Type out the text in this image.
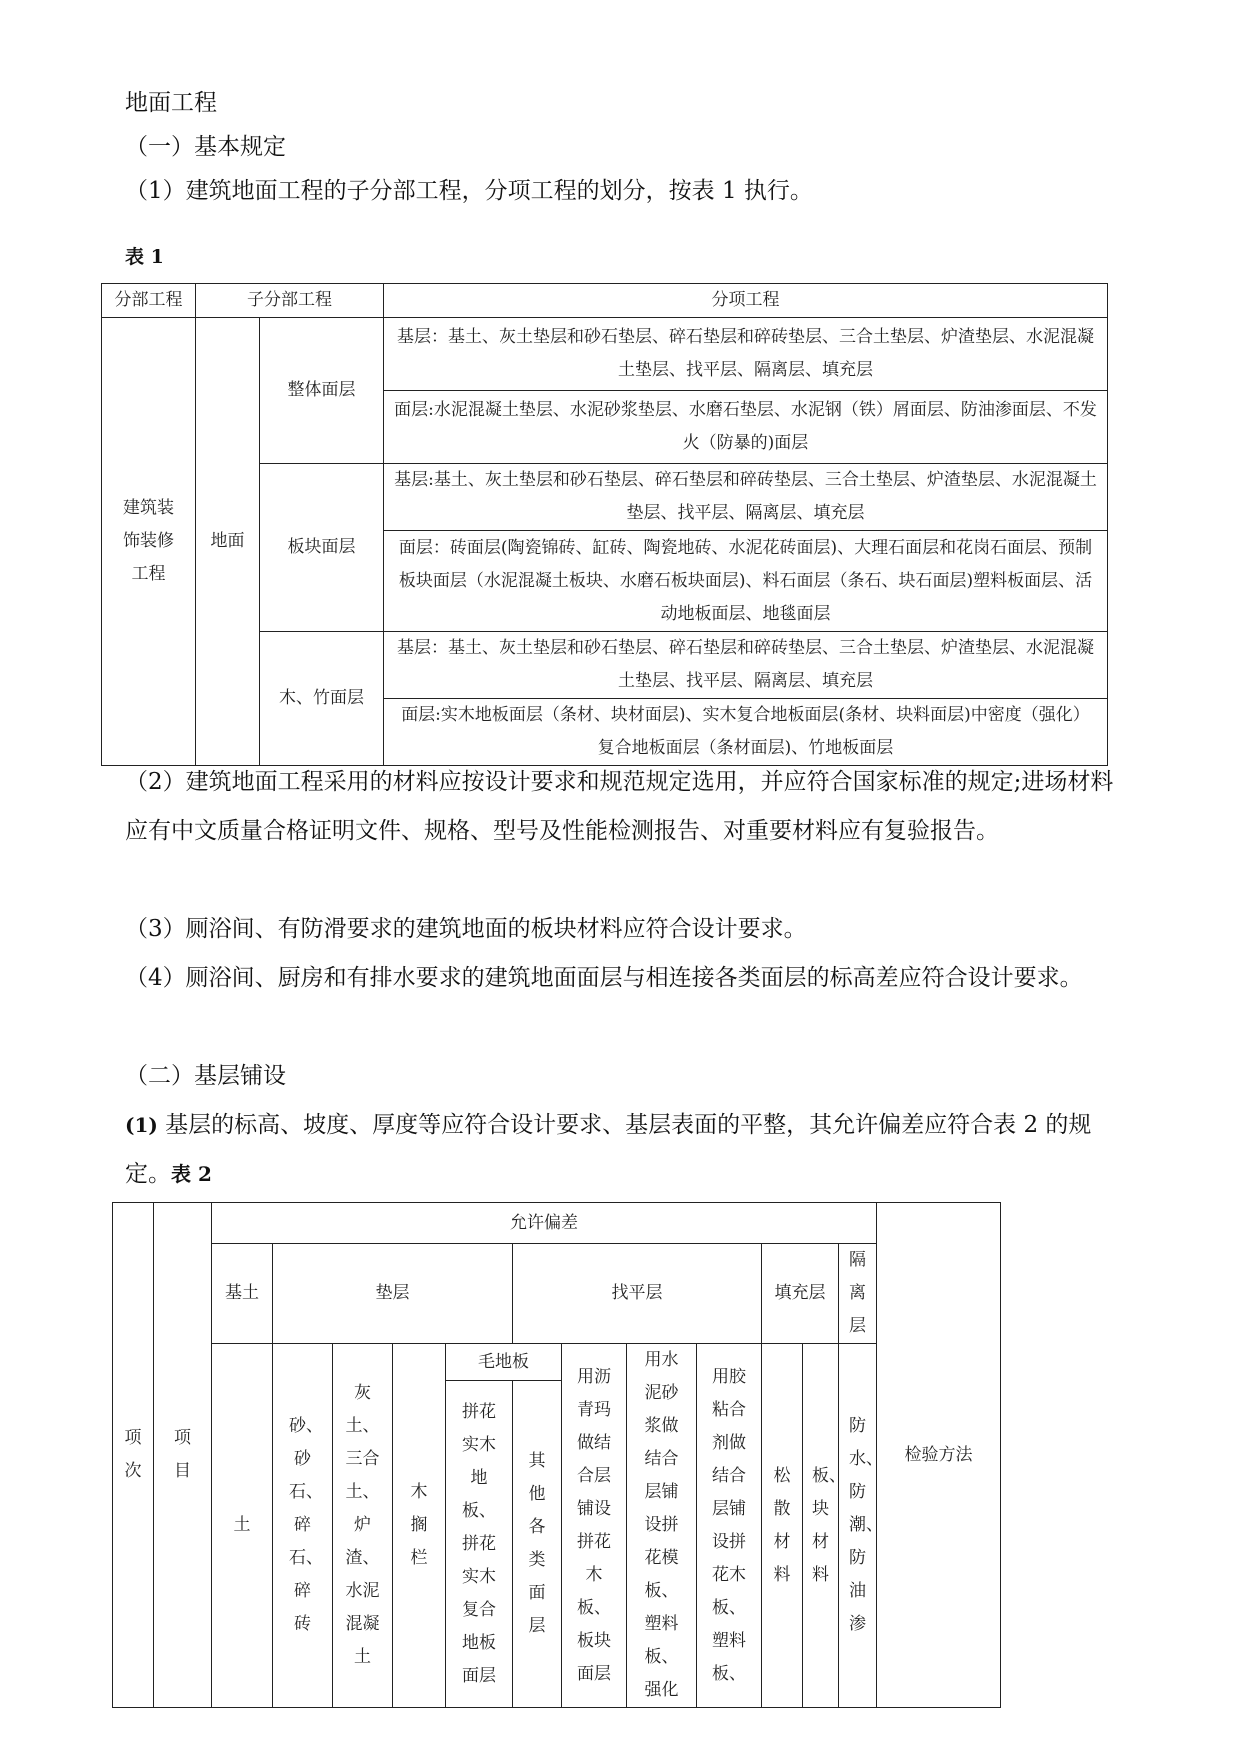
地面工程

（一）基本规定

（1）建筑地面工程的子分部工程，分项工程的划分，按表 1 执行。

表 1

分部工程	子分部工程		分项工程
建筑装饰装修工程	地面	整体面层	基层：基土、灰土垫层和砂石垫层、碎石垫层和碎砖垫层、三合土垫层、炉渣垫层、水泥混凝土垫层、找平层、隔离层、填充层
			面层:水泥混凝土垫层、水泥砂浆垫层、水磨石垫层、水泥钢（铁）屑面层、防油渗面层、不发火（防暴的)面层
		板块面层	基层:基土、灰土垫层和砂石垫层、碎石垫层和碎砖垫层、三合土垫层、炉渣垫层、水泥混凝土垫层、找平层、隔离层、填充层
			面层：砖面层(陶瓷锦砖、缸砖、陶瓷地砖、水泥花砖面层)、大理石面层和花岗石面层、预制板块面层（水泥混凝土板块、水磨石板块面层)、料石面层（条石、块石面层)塑料板面层、活动地板面层、地毯面层
		木、竹面层	基层：基土、灰土垫层和砂石垫层、碎石垫层和碎砖垫层、三合土垫层、炉渣垫层、水泥混凝土垫层、找平层、隔离层、填充层
			面层:实木地板面层（条材、块材面层)、实木复合地板面层(条材、块料面层)中密度（强化）复合地板面层（条材面层)、竹地板面层

（2）建筑地面工程采用的材料应按设计要求和规范规定选用，并应符合国家标准的规定;进场材料应有中文质量合格证明文件、规格、型号及性能检测报告、对重要材料应有复验报告。

（3）厕浴间、有防滑要求的建筑地面的板块材料应符合设计要求。

（4）厕浴间、厨房和有排水要求的建筑地面面层与相连接各类面层的标高差应符合设计要求。

（二）基层铺设

(1) 基层的标高、坡度、厚度等应符合设计要求、基层表面的平整，其允许偏差应符合表 2 的规定。表 2

项次	项目	允许偏差												检验方法
		基土	垫层				找平层				填充层		隔离层	
		土	砂、砂石、碎石、碎砖	灰土、三合土、炉渣、水泥混凝土	木搁栏	毛地板		用沥青玛做结合层铺设拼花木板、板块面层	用水泥砂浆做结合层铺设拼花模板、塑料板、强化	用胶粘合剂做结合层铺设拼花木板、塑料板、	松散材料	板、块材料	防水、防潮、防油渗	
						拼花实木地板、拼花实木复合地板面层	其他各类面层							
